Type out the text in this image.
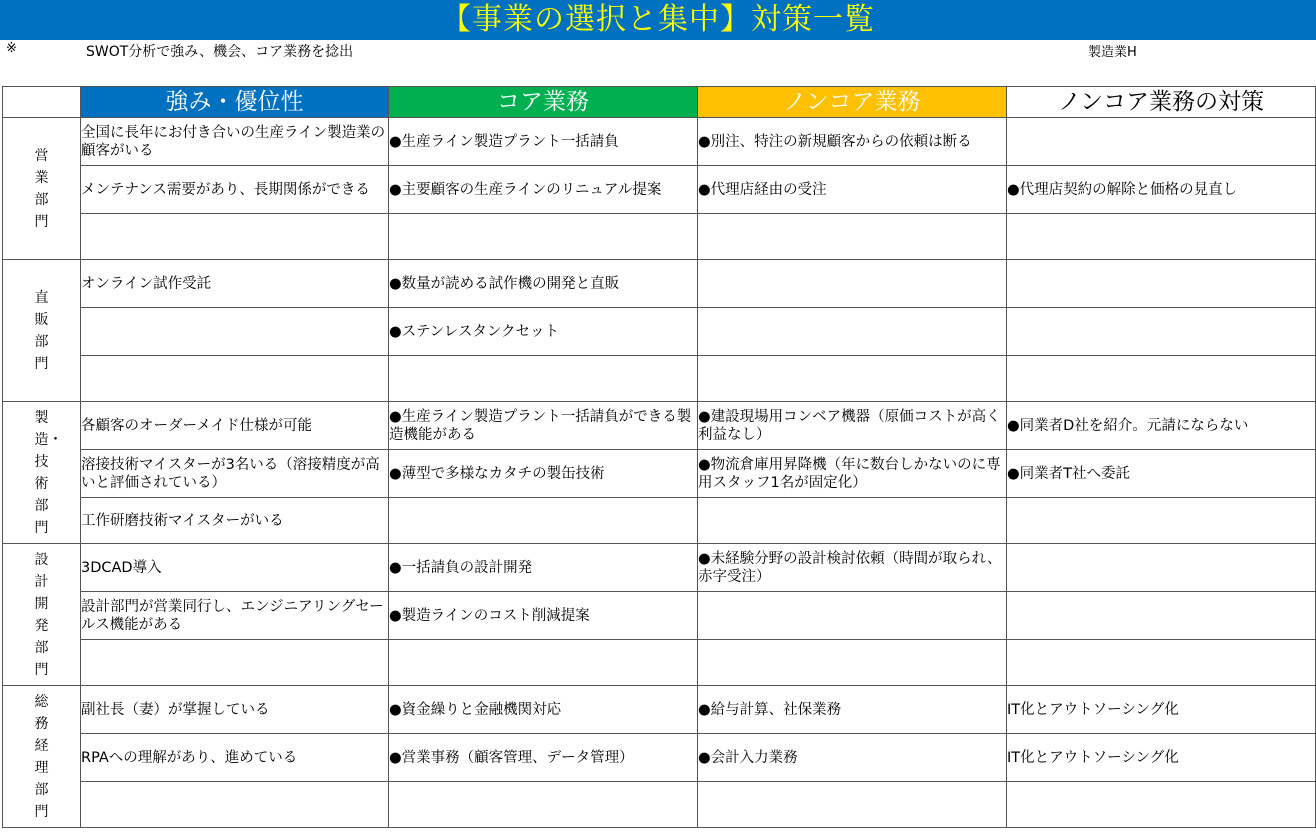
【事業の選択と集中】対策一覧
※	SWOT分析で強み、機会、コア業務を捻出	製造業H
	強み・優位性	コア業務	ノンコア業務	ノンコア業務の対策
営業部門	全国に長年にお付き合いの生産ライン製造業の顧客がいる	●生産ライン製造プラント一括請負	●別注、特注の新規顧客からの依頼は断る	
	メンテナンス需要があり、長期関係ができる	●主要顧客の生産ラインのリニュアル提案	●代理店経由の受注	●代理店契約の解除と価格の見直し

直販部門	オンライン試作受託	●数量が読める試作機の開発と直販		
		●ステンレスタンクセット		

製造・技術部門	各顧客のオーダーメイド仕様が可能	●生産ライン製造プラント一括請負ができる製造機能がある	●建設現場用コンベア機器（原価コストが高く利益なし）	●同業者D社を紹介。元請にならない
	溶接技術マイスターが3名いる（溶接精度が高いと評価されている）	●薄型で多様なカタチの製缶技術	●物流倉庫用昇降機（年に数台しかないのに専用スタッフ1名が固定化）	●同業者T社へ委託
	工作研磨技術マイスターがいる			
設計開発部門	3DCAD導入	●一括請負の設計開発	●未経験分野の設計検討依頼（時間が取られ、赤字受注）	
	設計部門が営業同行し、エンジニアリングセールス機能がある	●製造ラインのコスト削減提案		

総務経理部門	副社長（妻）が掌握している	●資金繰りと金融機関対応	●給与計算、社保業務	IT化とアウトソーシング化
	RPAへの理解があり、進めている	●営業事務（顧客管理、データ管理）	●会計入力業務	IT化とアウトソーシング化
